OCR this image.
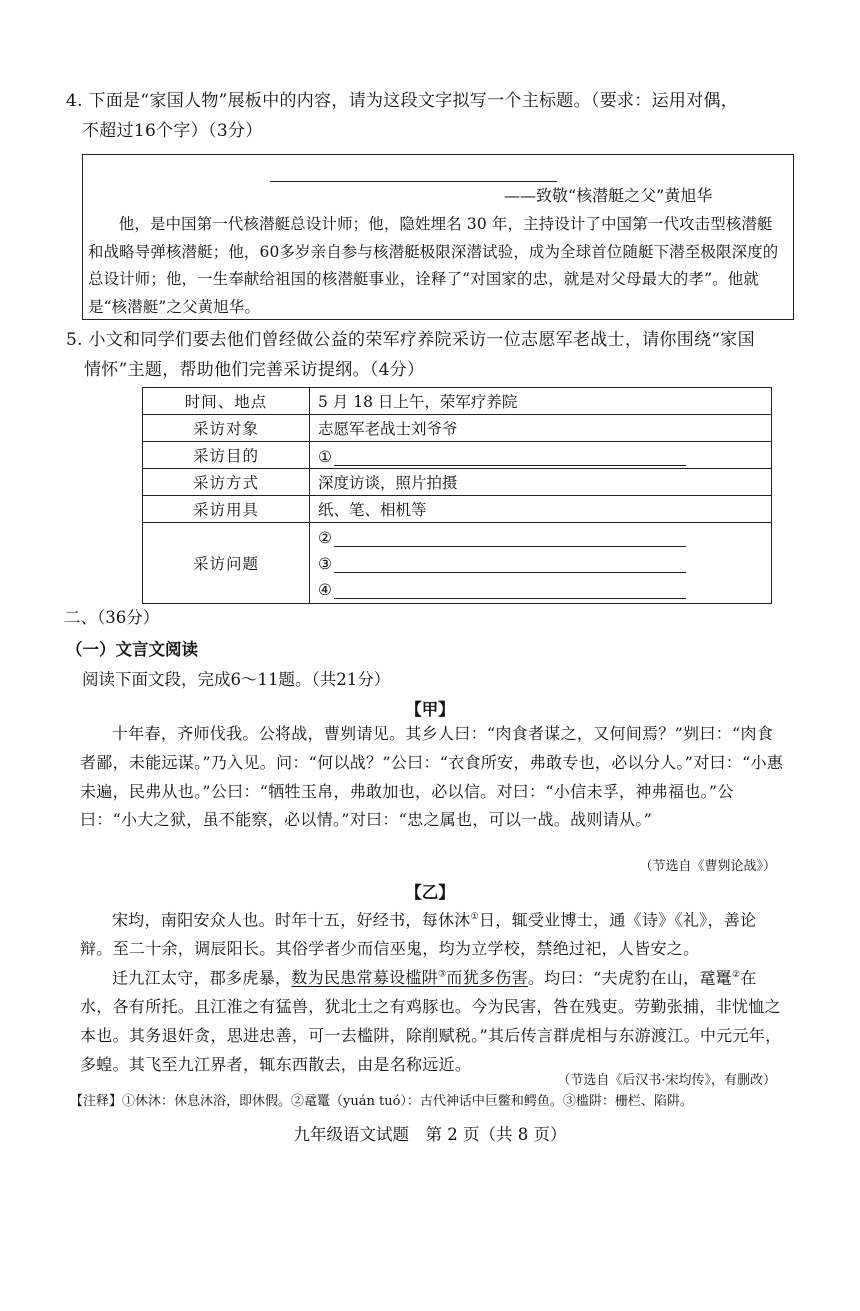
4. 下面是“家国人物”展板中的内容，请为这段文字拟写一个主标题。（要求：运用对偶，
不超过16个字）（3分）
——致敬“核潜艇之父”黄旭华
他，是中国第一代核潜艇总设计师；他，隐姓埋名 30 年，主持设计了中国第一代攻击型核潜艇和战略导弹核潜艇；他，60多岁亲自参与核潜艇极限深潜试验，成为全球首位随艇下潜至极限深度的总设计师；他，一生奉献给祖国的核潜艇事业，诠释了“对国家的忠，就是对父母最大的孝”。他就是“核潜艇”之父黄旭华。
5. 小文和同学们要去他们曾经做公益的荣军疗养院采访一位志愿军老战士，请你围绕“家国
情怀”主题，帮助他们完善采访提纲。（4分）
时间、地点	5 月 18 日上午，荣军疗养院
采访对象	志愿军老战士刘爷爷
采访目的	①

采访方式	深度访谈，照片拍摄
采访用具	纸、笔、相机等
采访问题	②
③
④
二、（36分）
（一）文言文阅读
阅读下面文段，完成6～11题。（共21分）
【甲】
十年春，齐师伐我。公将战，曹刿请见。其乡人曰：“肉食者谋之，又何间焉？”刿曰：“肉食者鄙，未能远谋。”乃入见。问：“何以战？”公曰：“衣食所安，弗敢专也，必以分人。”对曰：“小惠未遍，民弗从也。”公曰：“牺牲玉帛，弗敢加也，必以信。对曰：“小信未孚，神弗福也。”公曰：“小大之狱，虽不能察，必以情。”对曰：“忠之属也，可以一战。战则请从。”
（节选自《曹刿论战》）
【乙】
宋均，南阳安众人也。时年十五，好经书，每休沐①日，辄受业博士，通《诗》《礼》，善论辩。至二十余，调辰阳长。其俗学者少而信巫鬼，均为立学校，禁绝过祀，人皆安之。
迁九江太守，郡多虎暴，数为民患常募设槛阱③而犹多伤害。均曰：“夫虎豹在山，鼋鼍②在水，各有所托。且江淮之有猛兽，犹北土之有鸡豚也。今为民害，咎在残吏。劳勤张捕，非忧恤之本也。其务退奸贪，思进忠善，可一去槛阱，除削赋税。”其后传言群虎相与东游渡江。中元元年，多蝗。其飞至九江界者，辄东西散去，由是名称远近。
（节选自《后汉书·宋均传》，有删改）
【注释】①休沐：休息沐浴，即休假。②鼋鼍（yuán tuó）：古代神话中巨鳖和鳄鱼。③槛阱：栅栏、陷阱。
九年级语文试题　第 2 页（共 8 页）
